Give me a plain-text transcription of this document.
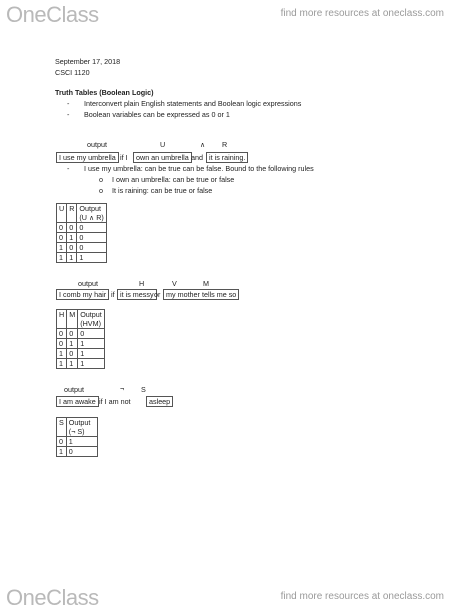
OneClass	find more resources at oneclass.com
September 17, 2018
CSCI 1120
Truth Tables (Boolean Logic)
- Interconvert plain English statements and Boolean logic expressions
- Boolean variables can be expressed as 0 or 1
output	U	∧ R
I use my umbrella if I	own an umbrella and it is raining.
- I use my umbrella: can be true can be false. Bound to the following rules
o I own an umbrella: can be true or false
o It is raining: can be true or false
U	R	Output
(U ∧ R)

0	0	0
0	1	0
1	0	0
1	1	1
output	H	V	M
I comb my hair if it is messy or my mother tells me so
H	M	Output
(HVM)

0	0	0
0	1	1
1	0	1
1	1	1
output	¬ S
I am awake if I am not	asleep
S	Output
(¬ S)

0	1
1	0
OneClass	find more resources at oneclass.com
